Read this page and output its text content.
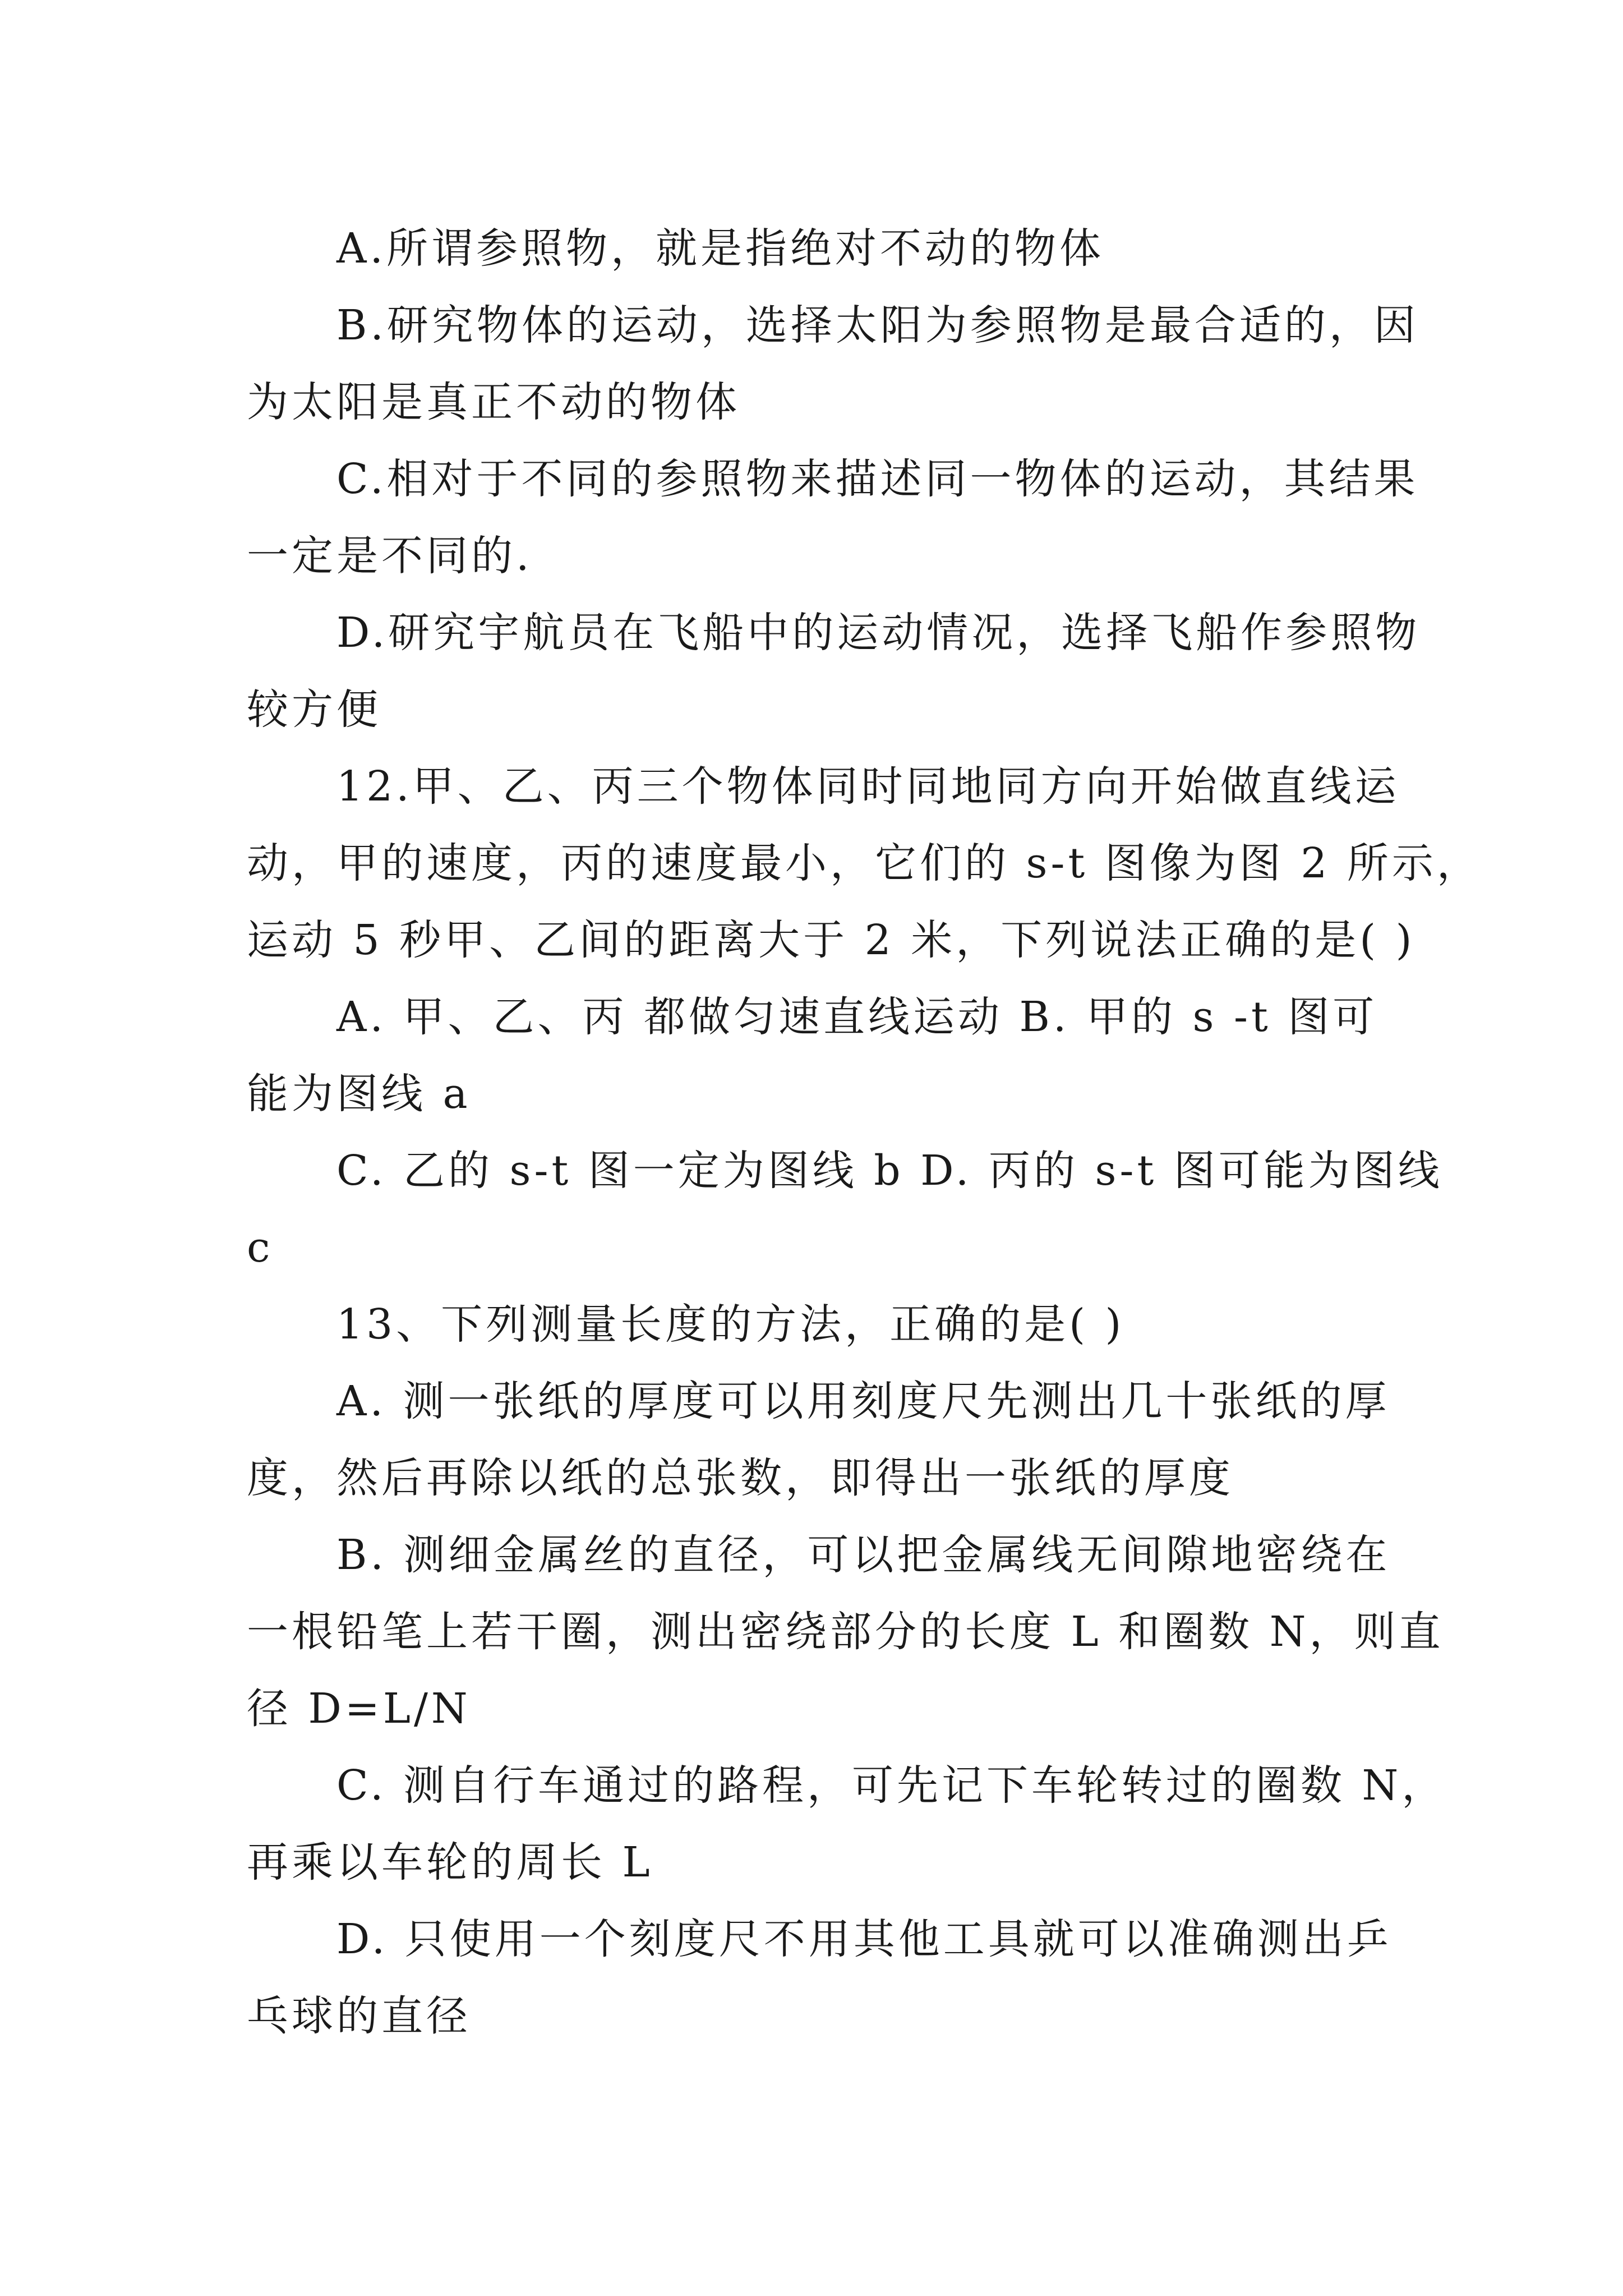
A.所谓参照物，就是指绝对不动的物体

B.研究物体的运动，选择太阳为参照物是最合适的，因
为太阳是真正不动的物体

C.相对于不同的参照物来描述同一物体的运动，其结果
一定是不同的.

D.研究宇航员在飞船中的运动情况，选择飞船作参照物
较方便

12.甲、乙、丙三个物体同时同地同方向开始做直线运
动，甲的速度，丙的速度最小，它们的 s-t 图像为图 2 所示，
运动 5 秒甲、乙间的距离大于 2 米，下列说法正确的是( )

A. 甲、乙、丙 都做匀速直线运动 B. 甲的 s -t 图可
能为图线 a

C. 乙的 s-t 图一定为图线 b D. 丙的 s-t 图可能为图线
c

13、下列测量长度的方法，正确的是( )

A. 测一张纸的厚度可以用刻度尺先测出几十张纸的厚
度，然后再除以纸的总张数，即得出一张纸的厚度

B. 测细金属丝的直径，可以把金属线无间隙地密绕在
一根铅笔上若干圈，测出密绕部分的长度 L 和圈数 N，则直
径 D=L/N

C. 测自行车通过的路程，可先记下车轮转过的圈数 N，
再乘以车轮的周长 L

D. 只使用一个刻度尺不用其他工具就可以准确测出乒
乓球的直径
